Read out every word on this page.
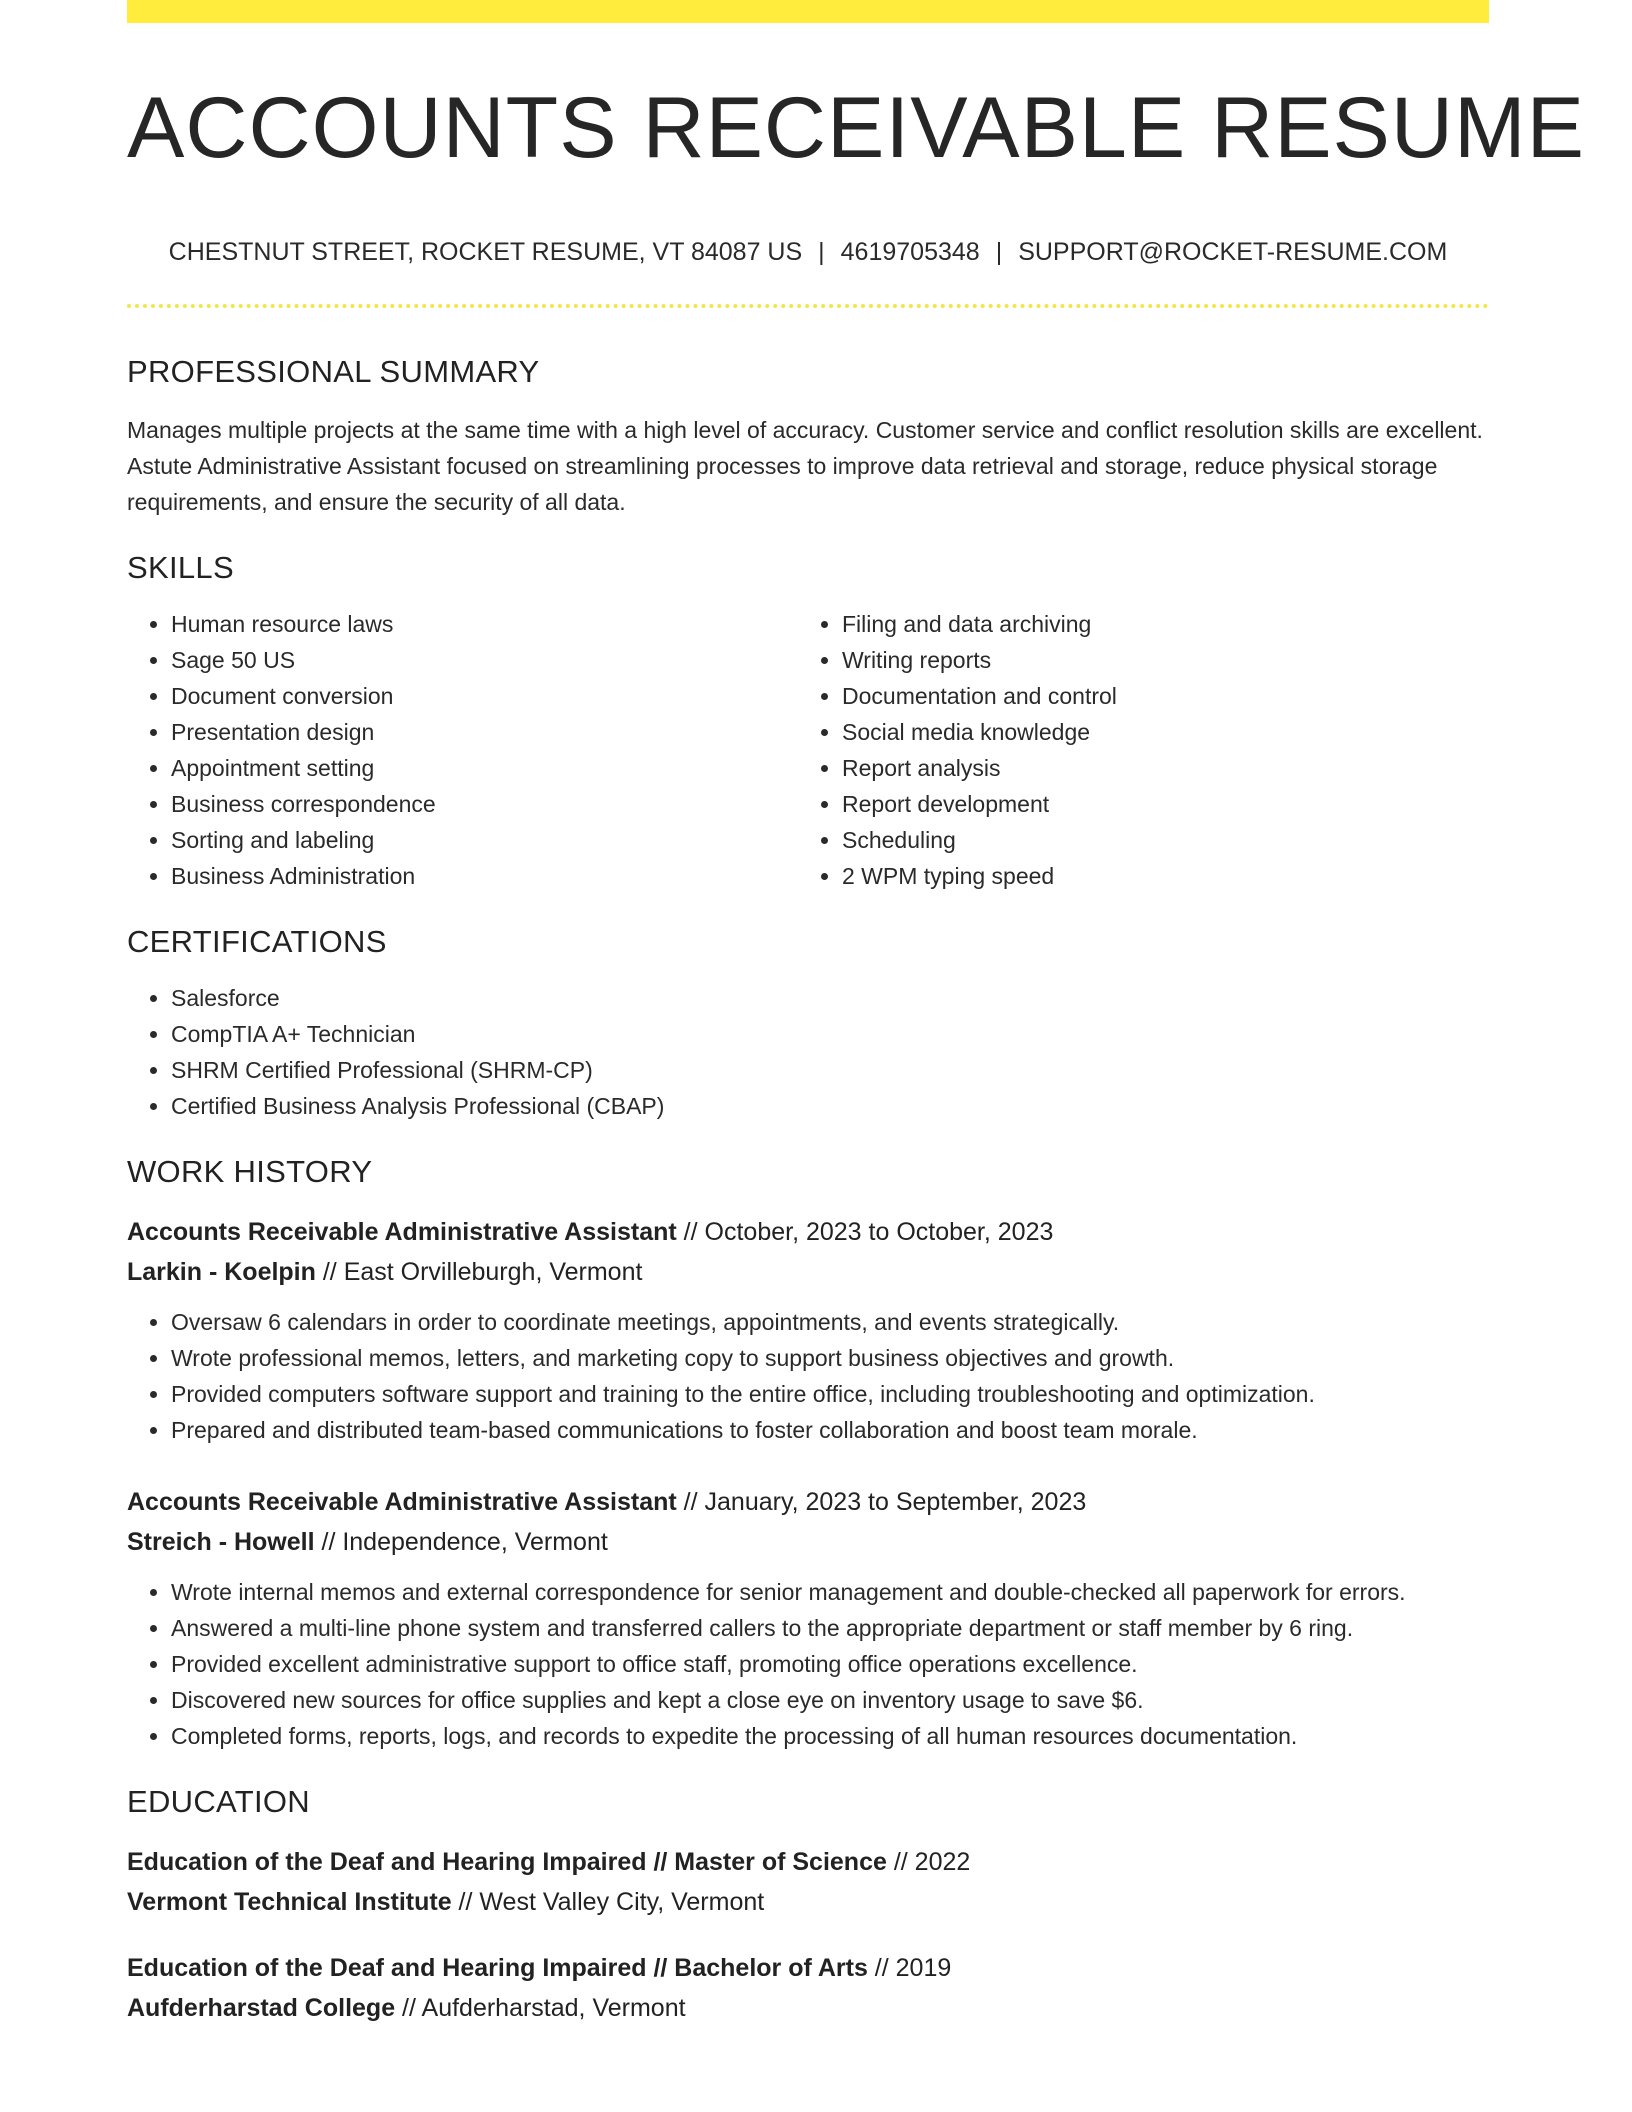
ACCOUNTS RECEIVABLE RESUME
CHESTNUT STREET, ROCKET RESUME, VT 84087 US | 4619705348 | SUPPORT@ROCKET-RESUME.COM
PROFESSIONAL SUMMARY

Manages multiple projects at the same time with a high level of accuracy. Customer service and conflict resolution skills are excellent. Astute Administrative Assistant focused on streamlining processes to improve data retrieval and storage, reduce physical storage requirements, and ensure the security of all data.

SKILLS
• Human resource laws
• Sage 50 US
• Document conversion
• Presentation design
• Appointment setting
• Business correspondence
• Sorting and labeling
• Business Administration
• Filing and data archiving
• Writing reports
• Documentation and control
• Social media knowledge
• Report analysis
• Report development
• Scheduling
• 2 WPM typing speed
CERTIFICATIONS
• Salesforce
• CompTIA A+ Technician
• SHRM Certified Professional (SHRM-CP)
• Certified Business Analysis Professional (CBAP)
WORK HISTORY
Accounts Receivable Administrative Assistant // October, 2023 to October, 2023
Larkin - Koelpin // East Orvilleburgh, Vermont
• Oversaw 6 calendars in order to coordinate meetings, appointments, and events strategically.
• Wrote professional memos, letters, and marketing copy to support business objectives and growth.
• Provided computers software support and training to the entire office, including troubleshooting and optimization.
• Prepared and distributed team-based communications to foster collaboration and boost team morale.
Accounts Receivable Administrative Assistant // January, 2023 to September, 2023
Streich - Howell // Independence, Vermont
• Wrote internal memos and external correspondence for senior management and double-checked all paperwork for errors.
• Answered a multi-line phone system and transferred callers to the appropriate department or staff member by 6 ring.
• Provided excellent administrative support to office staff, promoting office operations excellence.
• Discovered new sources for office supplies and kept a close eye on inventory usage to save $6.
• Completed forms, reports, logs, and records to expedite the processing of all human resources documentation.
EDUCATION
Education of the Deaf and Hearing Impaired // Master of Science // 2022
Vermont Technical Institute // West Valley City, Vermont
Education of the Deaf and Hearing Impaired // Bachelor of Arts // 2019
Aufderharstad College // Aufderharstad, Vermont
